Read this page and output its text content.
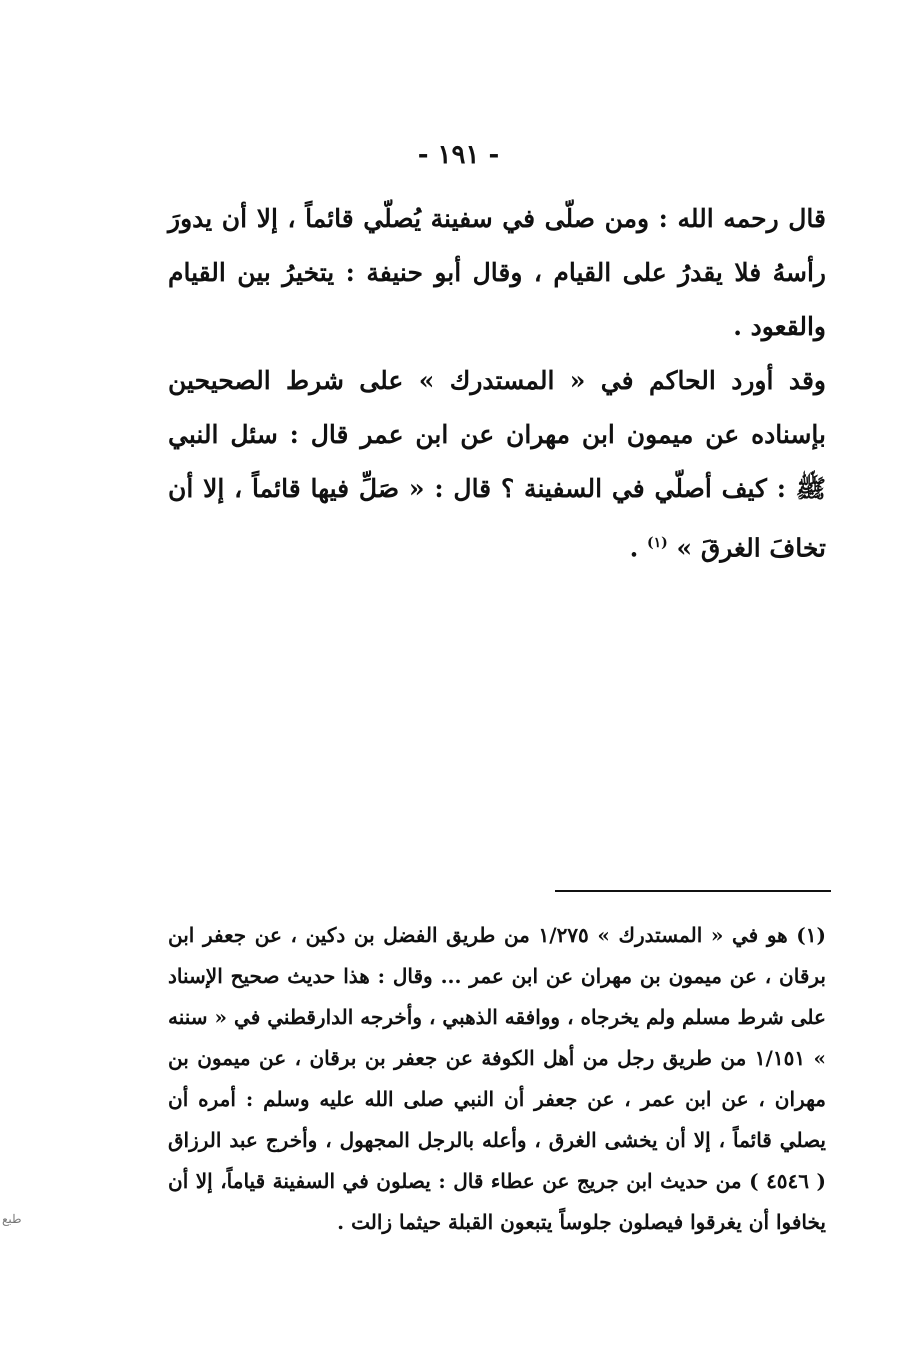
- ١٩١ -

قال رحمه الله : ومن صلّى في سفينة يُصلّي قائماً ، إلا أن يدورَ رأسهُ فلا يقدرُ على القيام ، وقال أبو حنيفة : يتخيرُ بين القيام والقعود .

وقد أورد الحاكم في « المستدرك » على شرط الصحيحين بإسناده عن ميمون ابن مهران عن ابن عمر قال : سئل النبي ﷺ : كيف أصلّي في السفينة ؟ قال : « صَلِّ فيها قائماً ، إلا أن تخافَ الغرقَ » $^{(١)}$ .

(١) هو في « المستدرك » ١/٢٧٥ من طريق الفضل بن دكين ، عن جعفر ابن برقان ، عن ميمون بن مهران عن ابن عمر ... وقال : هذا حديث صحيح الإسناد على شرط مسلم ولم يخرجاه ، ووافقه الذهبي ، وأخرجه الدارقطني في « سننه » ١/١٥١ من طريق رجل من أهل الكوفة عن جعفر بن برقان ، عن ميمون بن مهران ، عن ابن عمر ، عن جعفر أن النبي صلى الله عليه وسلم : أمره أن يصلي قائماً ، إلا أن يخشى الغرق ، وأعله بالرجل المجهول ، وأخرج عبد الرزاق ( ٤٥٤٦ ) من حديث ابن جريج عن عطاء قال : يصلون في السفينة قياماً، إلا أن يخافوا أن يغرقوا فيصلون جلوساً يتبعون القبلة حيثما زالت .
ﻃﺒﻊ
